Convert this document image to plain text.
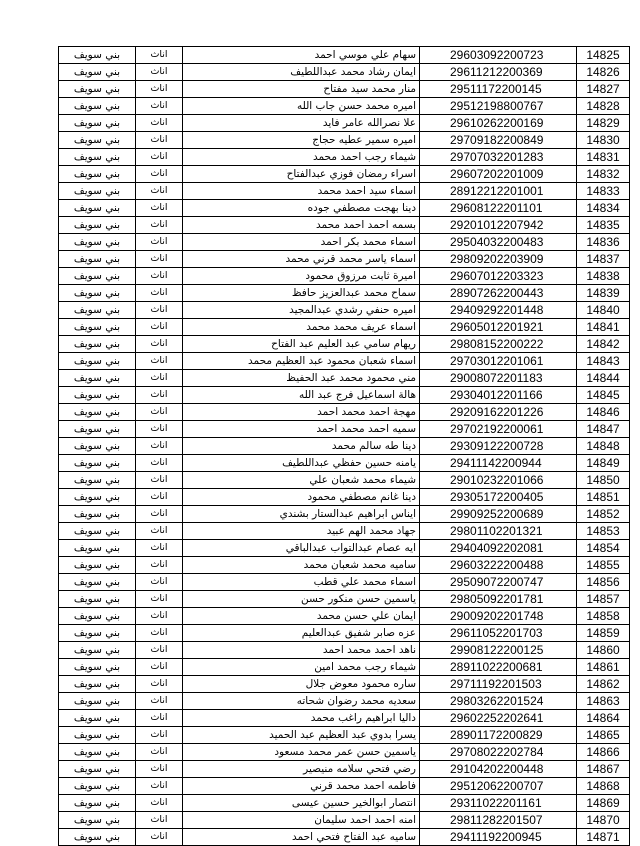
بني سويف	اناث	سهام علي موسي احمد	29603092200723	14825
بني سويف	اناث	ايمان رشاد محمد عبداللطيف	29611212200369	14826
بني سويف	اناث	منار محمد سيد مفتاح	29511172200145	14827
بني سويف	اناث	اميره محمد حسن جاب الله	29512198800767	14828
بني سويف	اناث	علا نصرالله عامر فايد	29610262200169	14829
بني سويف	اناث	اميره سمير عطيه حجاج	29709182200849	14830
بني سويف	اناث	شيماء رجب احمد محمد	29707032201283	14831
بني سويف	اناث	اسراء رمضان فوزي عبدالفتاح	29607202201009	14832
بني سويف	اناث	اسماء سيد احمد محمد	28912212201001	14833
بني سويف	اناث	دينا بهجت مصطفي جوده	29608122201101	14834
بني سويف	اناث	بسمه احمد احمد محمد	29201012207942	14835
بني سويف	اناث	اسماء محمد بكر احمد	29504032200483	14836
بني سويف	اناث	اسماء ياسر محمد قرني محمد	29809202203909	14837
بني سويف	اناث	اميرة ثابت مرزوق محمود	29607012203323	14838
بني سويف	اناث	سماح محمد عبدالعزيز حافظ	28907262200443	14839
بني سويف	اناث	اميره حنفي رشدي عبدالمجيد	29409292201448	14840
بني سويف	اناث	اسماء عريف محمد محمد	29605012201921	14841
بني سويف	اناث	ريهام سامي عبد العليم عبد الفتاح	29808152200222	14842
بني سويف	اناث	اسماء شعبان محمود عبد العظيم محمد	29703012201061	14843
بني سويف	اناث	مني محمود محمد عبد الحفيظ	29008072201183	14844
بني سويف	اناث	هالة اسماعيل فرج عبد الله	29304012201166	14845
بني سويف	اناث	مهجة احمد محمد احمد	29209162201226	14846
بني سويف	اناث	سميه احمد محمد احمد	29702192200061	14847
بني سويف	اناث	دينا طه سالم محمد	29309122200728	14848
بني سويف	اناث	يامنه حسين حفظي عبداللطيف	29411142200944	14849
بني سويف	اناث	شيماء محمد شعبان علي	29010232201066	14850
بني سويف	اناث	دينا غانم مصطفي محمود	29305172200405	14851
بني سويف	اناث	ايناس ابراهيم عبدالستار بشندي	29909252200689	14852
بني سويف	اناث	جهاد محمد الهم عبيد	29801102201321	14853
بني سويف	اناث	ايه عصام عبدالتواب عبدالباقي	29404092202081	14854
بني سويف	اناث	ساميه محمد شعبان محمد	29603222200488	14855
بني سويف	اناث	اسماء محمد علي قطب	29509072200747	14856
بني سويف	اناث	ياسمين حسن منكور حسن	29805092201781	14857
بني سويف	اناث	ايمان علي حسن محمد	29009202201748	14858
بني سويف	اناث	عزه صابر شفيق عبدالعليم	29611052201703	14859
بني سويف	اناث	ناهد احمد محمد احمد	29908122200125	14860
بني سويف	اناث	شيماء رجب محمد امين	28911022200681	14861
بني سويف	اناث	ساره محمود معوض جلال	29711192201503	14862
بني سويف	اناث	سعديه محمد رضوان شحاته	29803262201524	14863
بني سويف	اناث	داليا ابراهيم راغب محمد	29602252202641	14864
بني سويف	اناث	يسرا بدوي عبد العظيم عبد الحميد	28901172200829	14865
بني سويف	اناث	ياسمين حسن عمر محمد مسعود	29708022202784	14866
بني سويف	اناث	رضي فتحي سلامه منيصير	29104202200448	14867
بني سويف	اناث	فاطمه احمد محمد قرني	29512062200707	14868
بني سويف	اناث	انتصار ابوالخير حسين عيسى	29311022201161	14869
بني سويف	اناث	امنه احمد احمد سليمان	29811282201507	14870
بني سويف	اناث	ساميه عبد الفتاح فتحي احمد	29411192200945	14871
